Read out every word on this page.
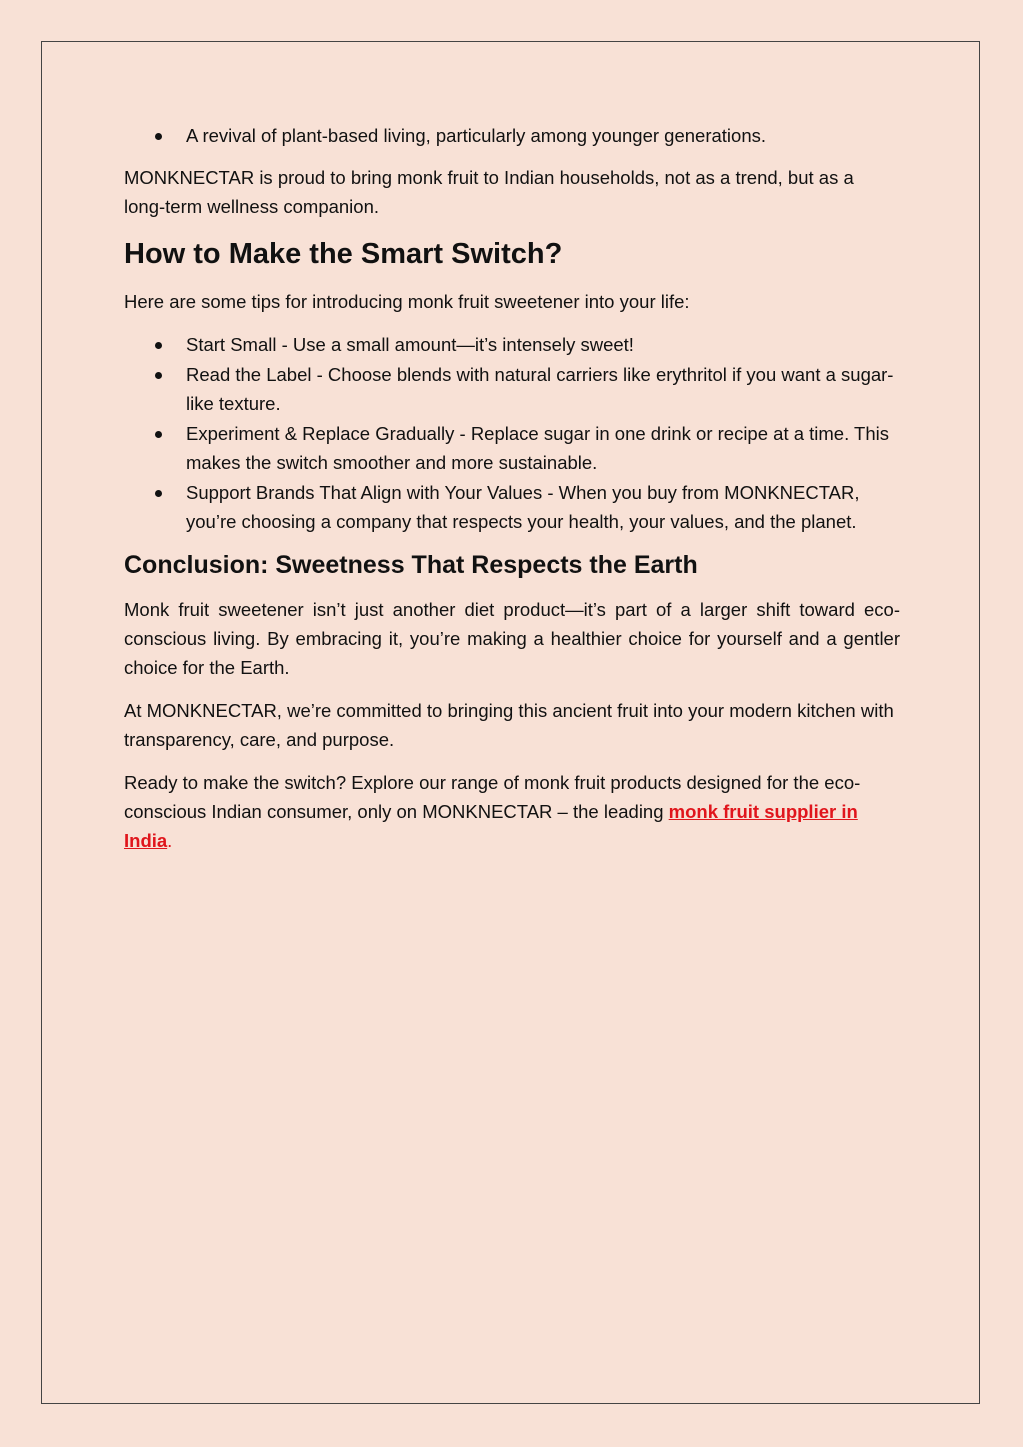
A revival of plant-based living, particularly among younger generations.

MONKNECTAR is proud to bring monk fruit to Indian households, not as a trend, but as a long-term wellness companion.

How to Make the Smart Switch?

Here are some tips for introducing monk fruit sweetener into your life:

Start Small - Use a small amount—it’s intensely sweet!
Read the Label - Choose blends with natural carriers like erythritol if you want a sugar-like texture.
Experiment & Replace Gradually - Replace sugar in one drink or recipe at a time. This makes the switch smoother and more sustainable.
Support Brands That Align with Your Values - When you buy from MONKNECTAR, you’re choosing a company that respects your health, your values, and the planet.
Conclusion: Sweetness That Respects the Earth

Monk fruit sweetener isn’t just another diet product—it’s part of a larger shift toward eco-conscious living. By embracing it, you’re making a healthier choice for yourself and a gentler choice for the Earth.

At MONKNECTAR, we’re committed to bringing this ancient fruit into your modern kitchen with transparency, care, and purpose.

Ready to make the switch? Explore our range of monk fruit products designed for the eco-conscious Indian consumer, only on MONKNECTAR – the leading monk fruit supplier in India.
